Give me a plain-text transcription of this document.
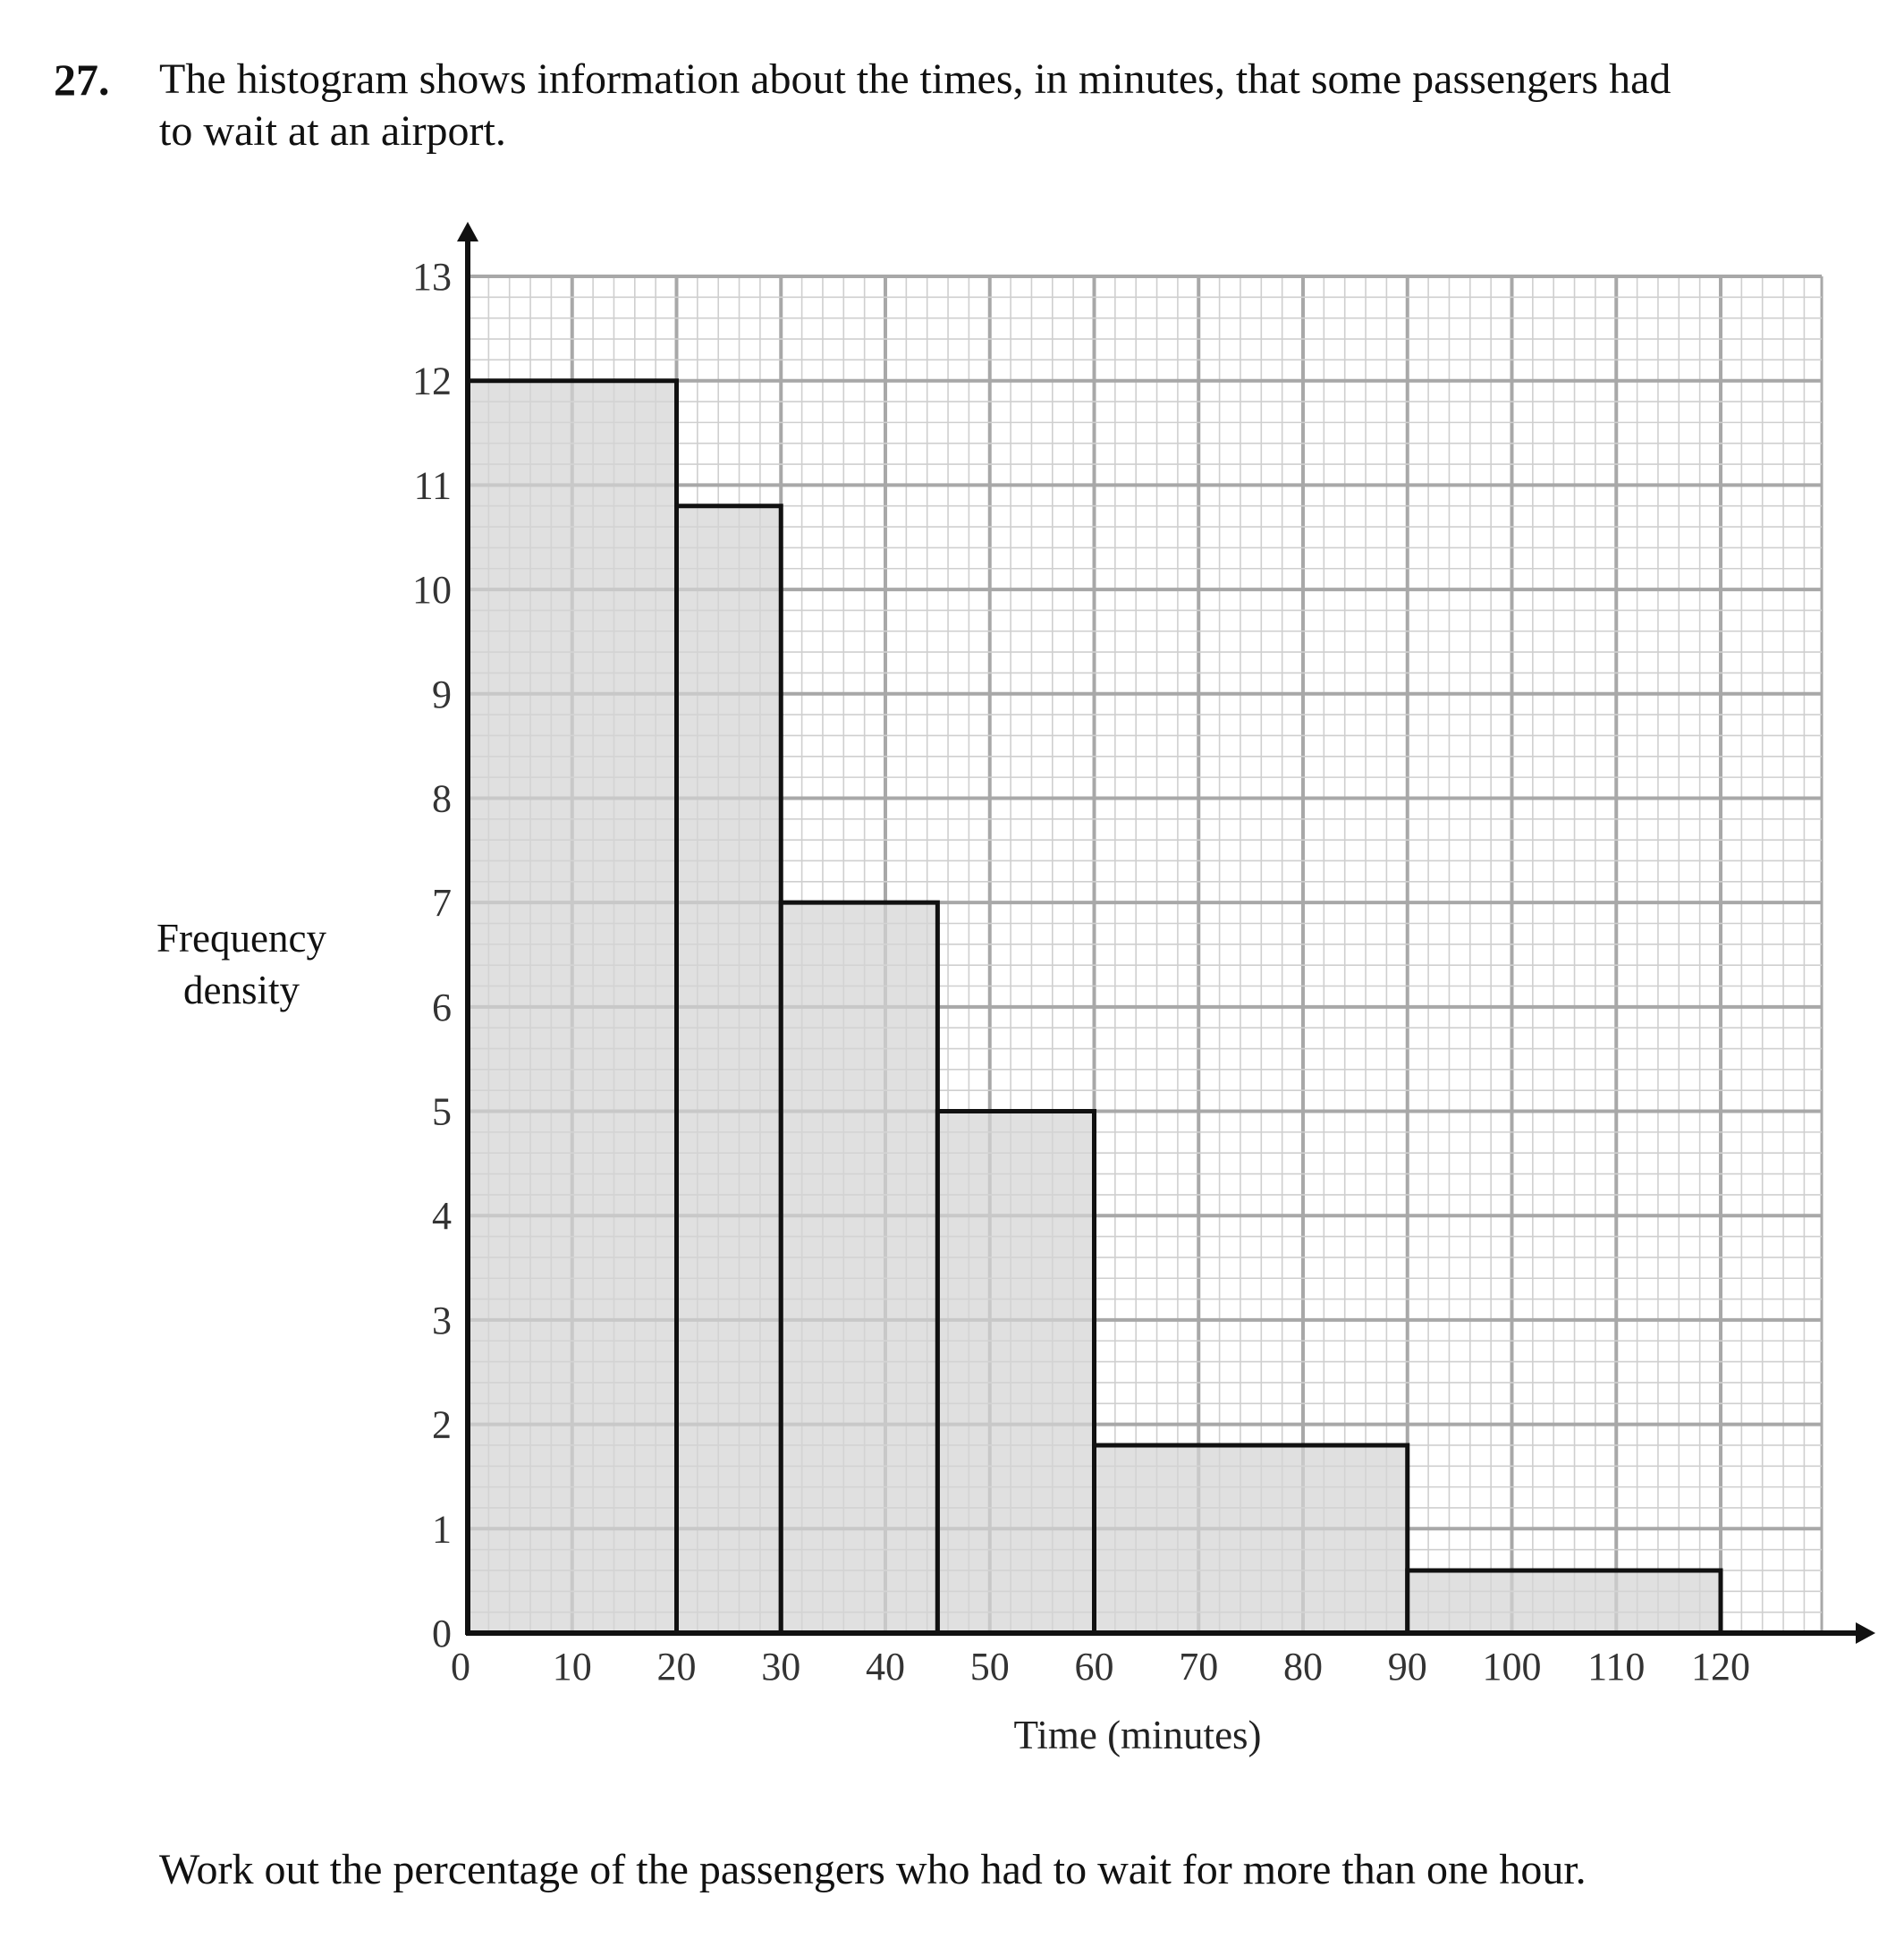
27. The histogram shows information about the times, in minutes, that some passengers had
to wait at an airport.
Frequency
density
0 10 20 30 40 50 60 70 80 90 100 110 120
0
1
2
3
4
5
6
7
8
9
10
11
12
13
Time (minutes)
Work out the percentage of the passengers who had to wait for more than one hour.
